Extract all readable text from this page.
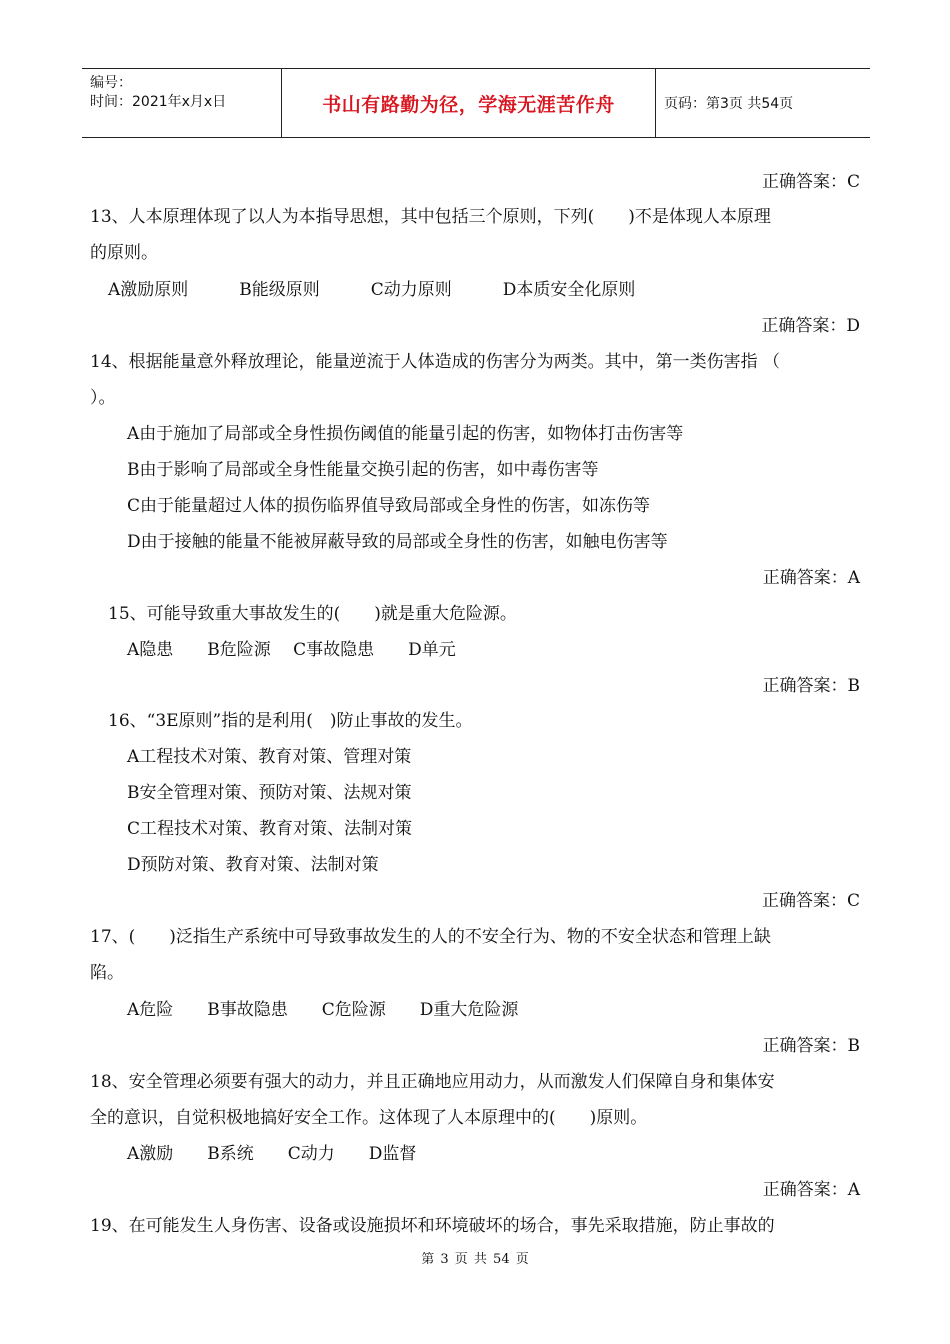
编号：
时间：2021年x月x日	书山有路勤为径，学海无涯苦作舟	页码：第3页 共54页
正确答案：C
13、人本原理体现了以人为本指导思想，其中包括三个原则，下列(　　)不是体现人本原理
的原则。
A激励原则　　　B能级原则　　　C动力原则　　　D本质安全化原则
正确答案：D
14、根据能量意外释放理论，能量逆流于人体造成的伤害分为两类。其中，第一类伤害指 （
）。
A由于施加了局部或全身性损伤阈值的能量引起的伤害，如物体打击伤害等
B由于影响了局部或全身性能量交换引起的伤害，如中毒伤害等
C由于能量超过人体的损伤临界值导致局部或全身性的伤害，如冻伤等
D由于接触的能量不能被屏蔽导致的局部或全身性的伤害，如触电伤害等
正确答案：A
15、可能导致重大事故发生的(　　)就是重大危险源。
A隐患　　B危险源　 C事故隐患　　D单元
正确答案：B
16、“3E原则”指的是利用(　)防止事故的发生。
A工程技术对策、教育对策、管理对策
B安全管理对策、预防对策、法规对策
C工程技术对策、教育对策、法制对策
D预防对策、教育对策、法制对策
正确答案：C
17、(　　)泛指生产系统中可导致事故发生的人的不安全行为、物的不安全状态和管理上缺
陷。
A危险　　B事故隐患　　C危险源　　D重大危险源
正确答案：B
18、安全管理必须要有强大的动力，并且正确地应用动力，从而激发人们保障自身和集体安
全的意识，自觉积极地搞好安全工作。这体现了人本原理中的(　　)原则。
A激励　　B系统　　C动力　　D监督
正确答案：A
19、在可能发生人身伤害、设备或设施损坏和环境破坏的场合，事先采取措施，防止事故的
第 3 页 共 54 页
